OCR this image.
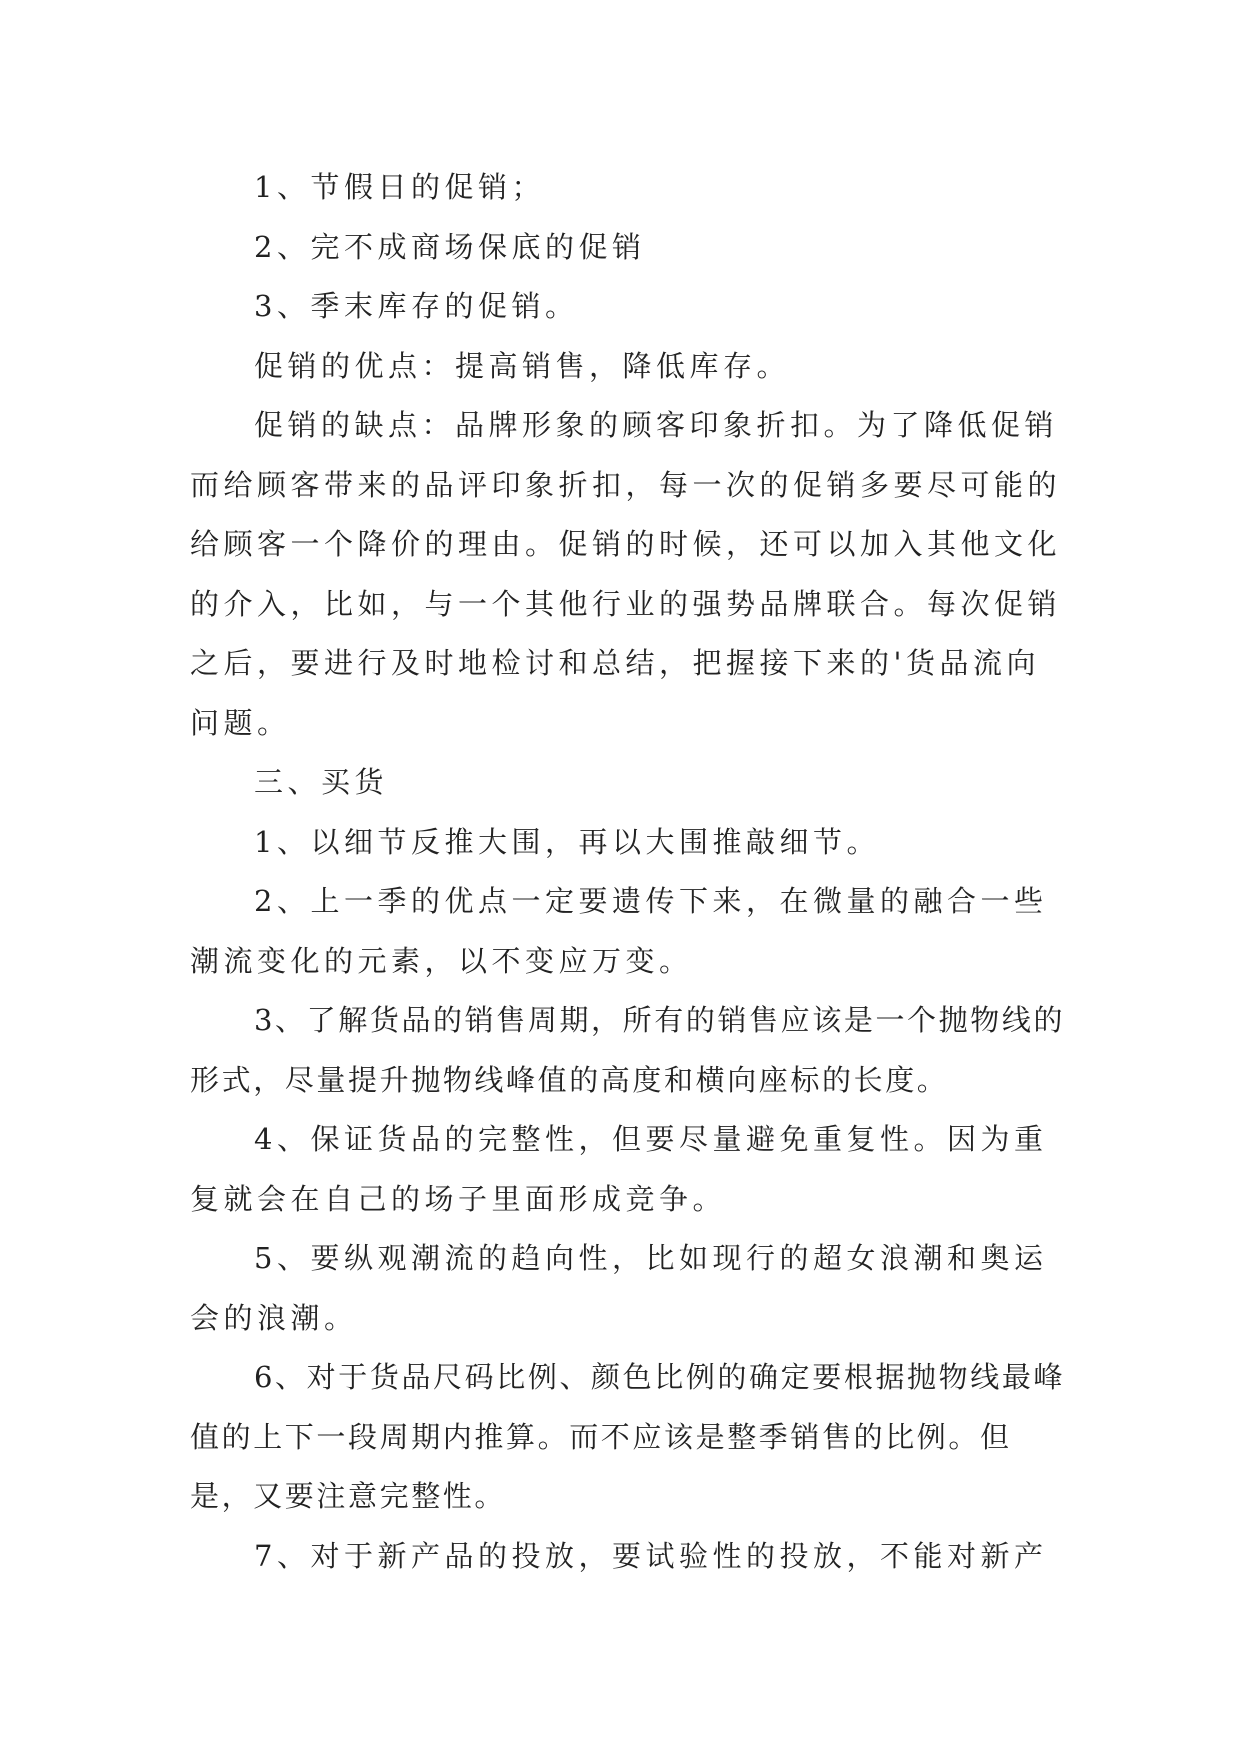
1、节假日的促销；

2、完不成商场保底的促销

3、季末库存的促销。

促销的优点：提高销售，降低库存。

促销的缺点：品牌形象的顾客印象折扣。为了降低促销而给顾客带来的品评印象折扣，每一次的促销多要尽可能的给顾客一个降价的理由。促销的时候，还可以加入其他文化的介入，比如，与一个其他行业的强势品牌联合。每次促销之后，要进行及时地检讨和总结，把握接下来的'货品流向问题。

三、买货

1、以细节反推大围，再以大围推敲细节。

2、上一季的优点一定要遗传下来，在微量的融合一些潮流变化的元素，以不变应万变。

3、了解货品的销售周期，所有的销售应该是一个抛物线的形式，尽量提升抛物线峰值的高度和横向座标的长度。

4、保证货品的完整性，但要尽量避免重复性。因为重复就会在自己的场子里面形成竞争。

5、要纵观潮流的趋向性，比如现行的超女浪潮和奥运会的浪潮。

6、对于货品尺码比例、颜色比例的确定要根据抛物线最峰值的上下一段周期内推算。而不应该是整季销售的比例。但是，又要注意完整性。

7、对于新产品的投放，要试验性的投放，不能对新产
